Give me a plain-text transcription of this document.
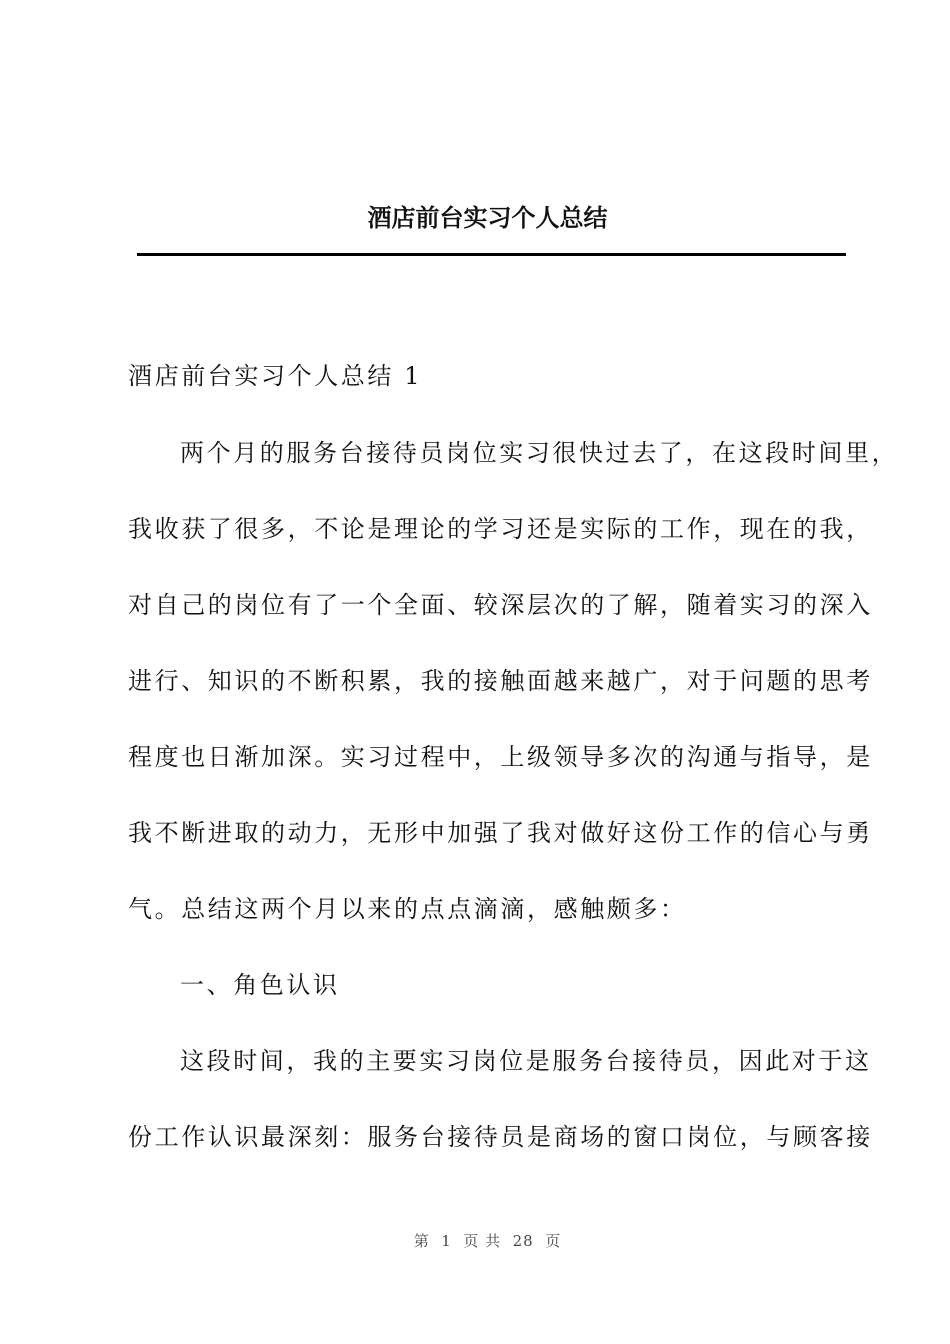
酒店前台实习个人总结
酒店前台实习个人总结 1
两个月的服务台接待员岗位实习很快过去了，在这段时间里，
我收获了很多，不论是理论的学习还是实际的工作，现在的我，
对自己的岗位有了一个全面、较深层次的了解，随着实习的深入
进行、知识的不断积累，我的接触面越来越广，对于问题的思考
程度也日渐加深。实习过程中，上级领导多次的沟通与指导，是
我不断进取的动力，无形中加强了我对做好这份工作的信心与勇
气。总结这两个月以来的点点滴滴，感触颇多：
一、角色认识
这段时间，我的主要实习岗位是服务台接待员，因此对于这
份工作认识最深刻：服务台接待员是商场的窗口岗位，与顾客接
第  1  页 共  28  页
